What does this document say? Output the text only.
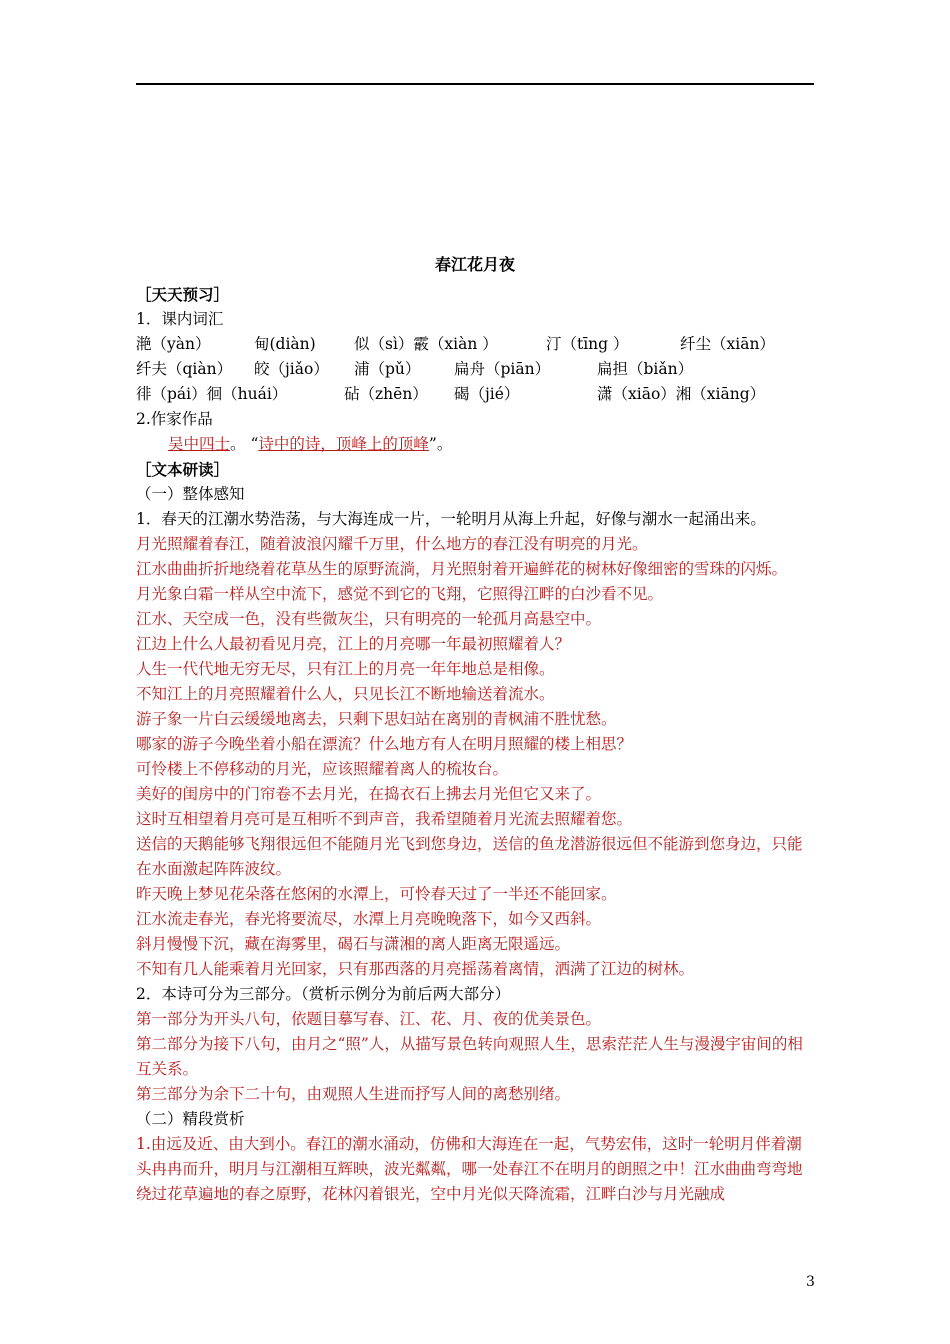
春江花月夜
［天天预习］
1．课内词汇
滟（yàn）	甸(diàn)	似（sì）霰（xiàn ）	汀（tīng ）	纤尘（xiān）
纤夫（qiàn）	皎（jiǎo）	浦（pǔ）	扁舟（piān）	扁担（biǎn）
徘（pái）徊（huái）	砧（zhēn）	碣（jié）	潇（xiāo）湘（xiāng）
2.作家作品
吴中四士。 “诗中的诗，顶峰上的顶峰”。
［文本研读］
（一）整体感知
1．春天的江潮水势浩荡，与大海连成一片，一轮明月从海上升起，好像与潮水一起涌出来。
月光照耀着春江，随着波浪闪耀千万里，什么地方的春江没有明亮的月光。
江水曲曲折折地绕着花草丛生的原野流淌，月光照射着开遍鲜花的树林好像细密的雪珠的闪烁。
月光象白霜一样从空中流下，感觉不到它的飞翔，它照得江畔的白沙看不见。
江水、天空成一色，没有些微灰尘，只有明亮的一轮孤月高悬空中。
江边上什么人最初看见月亮，江上的月亮哪一年最初照耀着人？
人生一代代地无穷无尽，只有江上的月亮一年年地总是相像。
不知江上的月亮照耀着什么人，只见长江不断地输送着流水。
游子象一片白云缓缓地离去，只剩下思妇站在离别的青枫浦不胜忧愁。
哪家的游子今晚坐着小船在漂流？什么地方有人在明月照耀的楼上相思？
可怜楼上不停移动的月光，应该照耀着离人的梳妆台。
美好的闺房中的门帘卷不去月光，在捣衣石上拂去月光但它又来了。
这时互相望着月亮可是互相听不到声音，我希望随着月光流去照耀着您。
送信的天鹅能够飞翔很远但不能随月光飞到您身边，送信的鱼龙潜游很远但不能游到您身边，只能在水面激起阵阵波纹。
昨天晚上梦见花朵落在悠闲的水潭上，可怜春天过了一半还不能回家。
江水流走春光，春光将要流尽，水潭上月亮晚晚落下，如今又西斜。
斜月慢慢下沉，藏在海雾里，碣石与潇湘的离人距离无限遥远。
不知有几人能乘着月光回家，只有那西落的月亮摇荡着离情，洒满了江边的树林。
2．本诗可分为三部分。（赏析示例分为前后两大部分）
第一部分为开头八句，依题目摹写春、江、花、月、夜的优美景色。
第二部分为接下八句，由月之“照”人，从描写景色转向观照人生，思索茫茫人生与漫漫宇宙间的相互关系。
第三部分为余下二十句，由观照人生进而抒写人间的离愁别绪。
（二）精段赏析
1.由远及近、由大到小。春江的潮水涌动，仿佛和大海连在一起，气势宏伟，这时一轮明月伴着潮头冉冉而升，明月与江潮相互辉映，波光粼粼，哪一处春江不在明月的朗照之中！江水曲曲弯弯地绕过花草遍地的春之原野，花林闪着银光，空中月光似天降流霜，江畔白沙与月光融成
3
